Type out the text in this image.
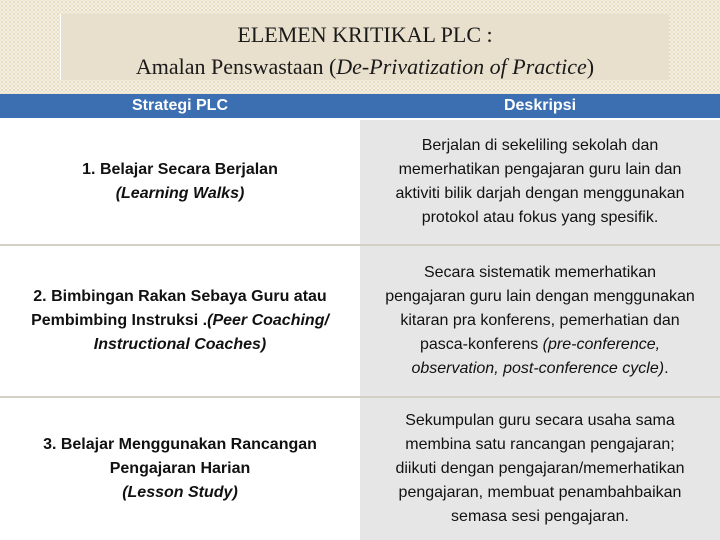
ELEMEN KRITIKAL PLC :
Amalan Penswastaan (De-Privatization of Practice)
Strategi PLC	Deskripsi
1. Belajar Secara Berjalan
(Learning Walks)
Berjalan di sekeliling sekolah dan
memerhatikan pengajaran guru lain dan
aktiviti bilik darjah dengan menggunakan
protokol atau fokus yang spesifik.
2. Bimbingan Rakan Sebaya Guru atau
Pembimbing Instruksi .(Peer Coaching/
Instructional Coaches)
Secara sistematik memerhatikan
pengajaran guru lain dengan menggunakan
kitaran pra konferens, pemerhatian dan
pasca-konferens (pre-conference,
observation, post-conference cycle).
3. Belajar Menggunakan Rancangan
Pengajaran Harian
(Lesson Study)
Sekumpulan guru secara usaha sama
membina satu rancangan pengajaran;
diikuti dengan pengajaran/memerhatikan
pengajaran, membuat penambahbaikan
semasa sesi pengajaran.
